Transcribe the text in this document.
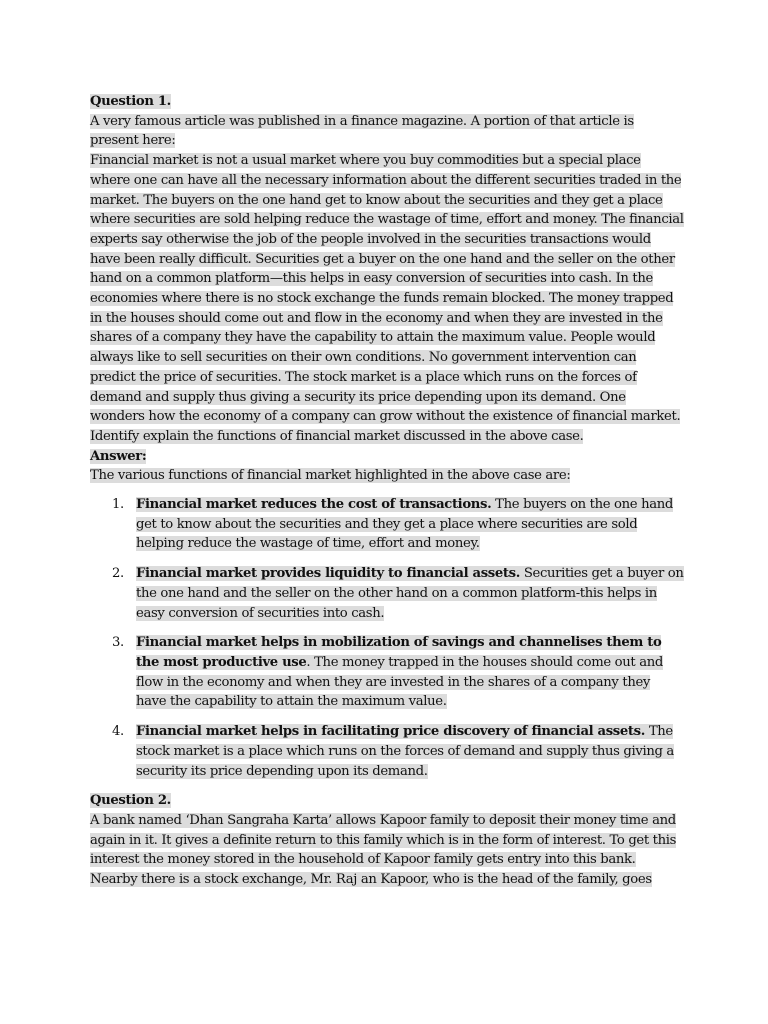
Question 1.

A very famous article was published in a finance magazine. A portion of that article is present here:

Financial market is not a usual market where you buy commodities but a special place where one can have all the necessary information about the different securities traded in the market. The buyers on the one hand get to know about the securities and they get a place where securities are sold helping reduce the wastage of time, effort and money. The financial experts say otherwise the job of the people involved in the securities transactions would have been really difficult. Securities get a buyer on the one hand and the seller on the other hand on a common platform—this helps in easy conversion of securities into cash. In the economies where there is no stock exchange the funds remain blocked. The money trapped in the houses should come out and flow in the economy and when they are invested in the shares of a company they have the capability to attain the maximum value. People would always like to sell securities on their own conditions. No government intervention can predict the price of securities. The stock market is a place which runs on the forces of demand and supply thus giving a security its price depending upon its demand. One wonders how the economy of a company can grow without the existence of financial market.

Identify explain the functions of financial market discussed in the above case.

Answer:

The various functions of financial market highlighted in the above case are:

1. Financial market reduces the cost of transactions. The buyers on the one hand get to know about the securities and they get a place where securities are sold helping reduce the wastage of time, effort and money.
2. Financial market provides liquidity to financial assets. Securities get a buyer on the one hand and the seller on the other hand on a common platform-this helps in easy conversion of securities into cash.
3. Financial market helps in mobilization of savings and channelises them to the most productive use. The money trapped in the houses should come out and flow in the economy and when they are invested in the shares of a company they have the capability to attain the maximum value.
4. Financial market helps in facilitating price discovery of financial assets. The stock market is a place which runs on the forces of demand and supply thus giving a security its price depending upon its demand.

Question 2.

A bank named ‘Dhan Sangraha Karta’ allows Kapoor family to deposit their money time and again in it. It gives a definite return to this family which is in the form of interest. To get this interest the money stored in the household of Kapoor family gets entry into this bank. Nearby there is a stock exchange, Mr. Raj an Kapoor, who is the head of the family, goes
